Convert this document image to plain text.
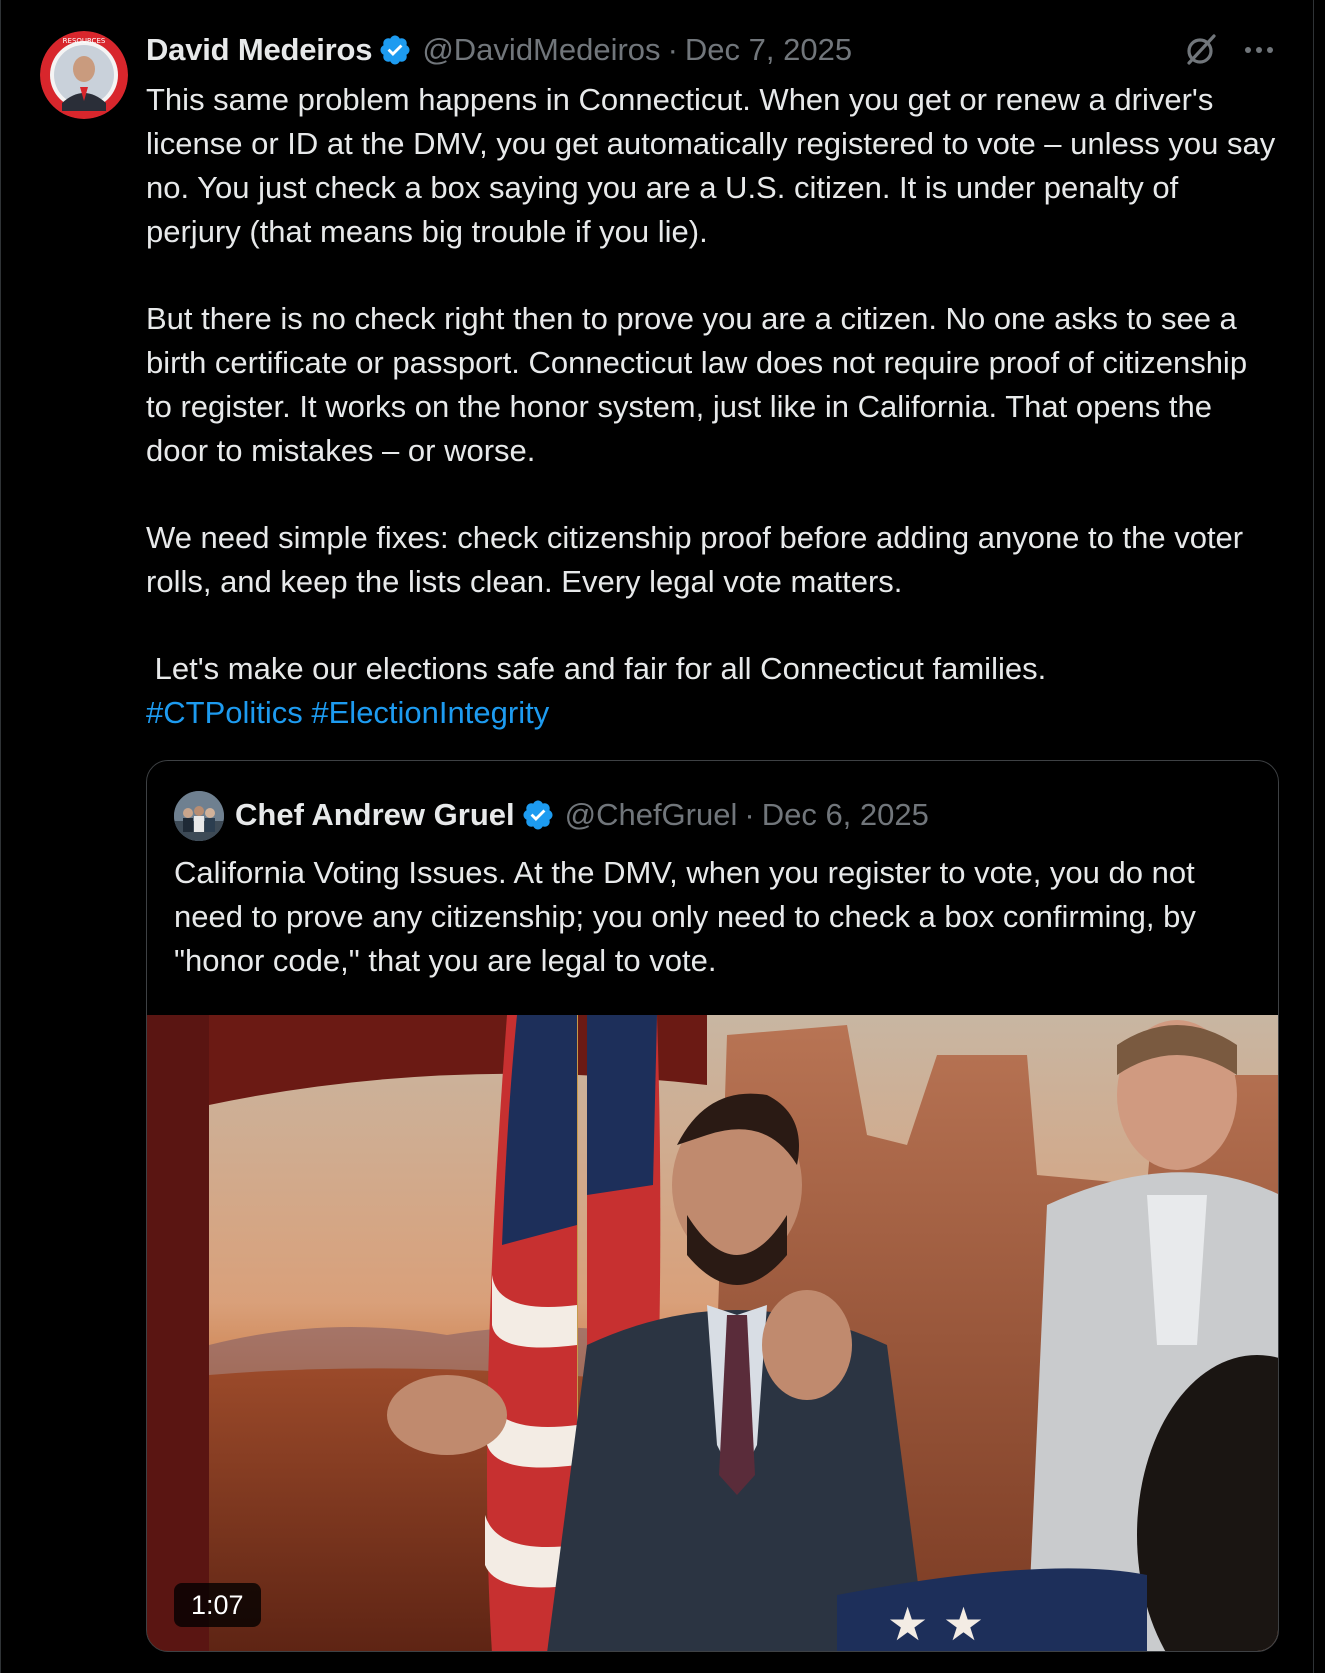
RESOURCES David Medeiros @DavidMedeiros · Dec 7, 2025
This same problem happens in Connecticut. When you get or renew a driver's license or ID at the DMV, you get automatically registered to vote – unless you say no. You just check a box saying you are a U.S. citizen. It is under penalty of perjury (that means big trouble if you lie).
But there is no check right then to prove you are a citizen. No one asks to see a birth certificate or passport. Connecticut law does not require proof of citizenship to register. It works on the honor system, just like in California. That opens the door to mistakes – or worse.
We need simple fixes: check citizenship proof before adding anyone to the voter rolls, and keep the lists clean. Every legal vote matters.
Let's make our elections safe and fair for all Connecticut families.
#CTPolitics #ElectionIntegrity
Chef Andrew Gruel @ChefGruel · Dec 6, 2025
California Voting Issues. At the DMV, when you register to vote, you do not need to prove any citizenship; you only need to check a box confirming, by "honor code," that you are legal to vote.
★ ★
1:07
